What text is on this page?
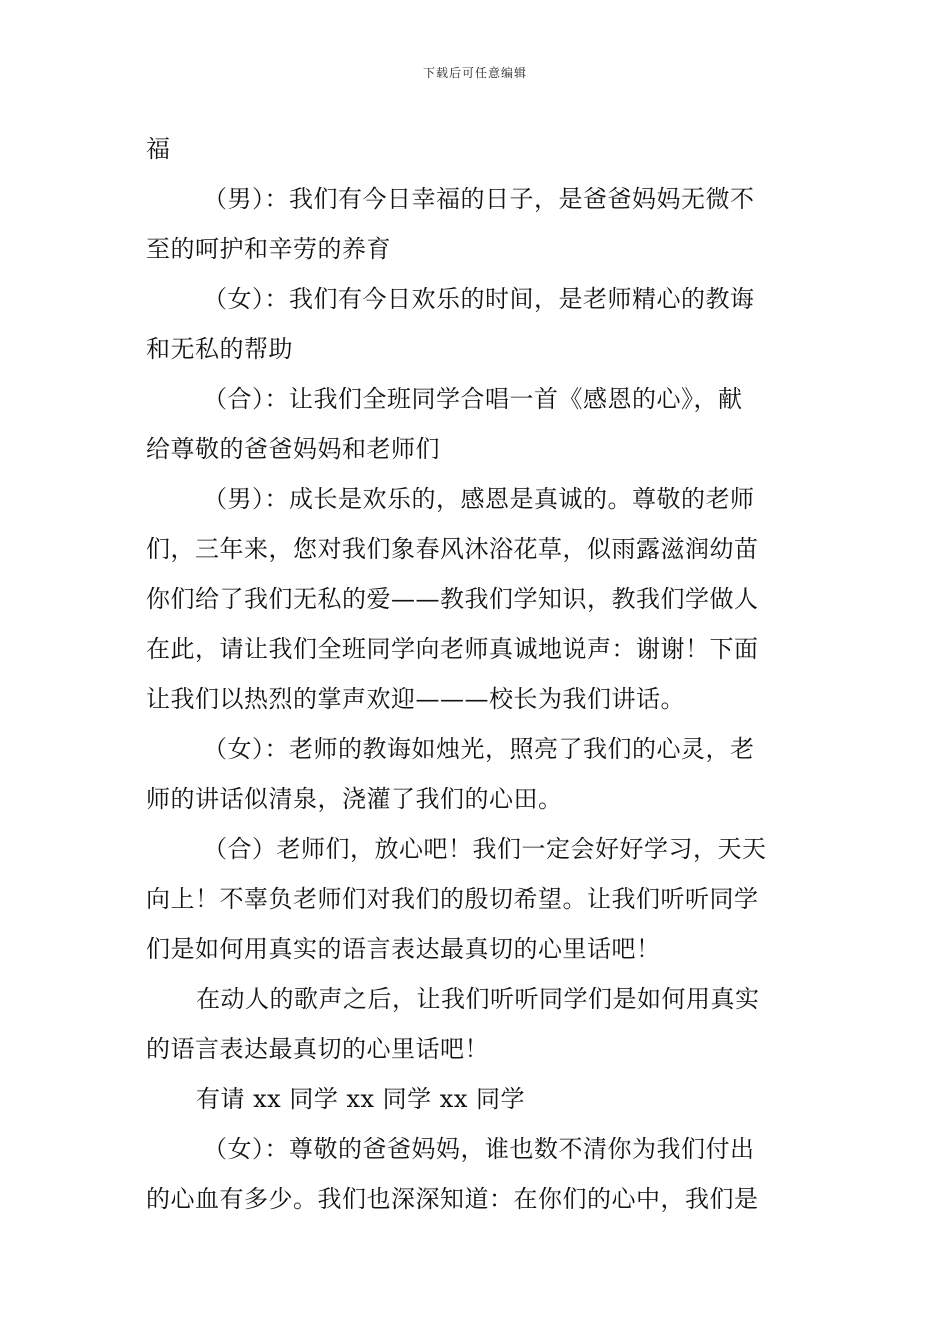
下载后可任意编辑
福
（男）：我们有今日幸福的日子，是爸爸妈妈无微不
至的呵护和辛劳的养育
（女）：我们有今日欢乐的时间，是老师精心的教诲
和无私的帮助
（合）：让我们全班同学合唱一首《感恩的心》，献
给尊敬的爸爸妈妈和老师们
（男）：成长是欢乐的，感恩是真诚的。尊敬的老师
们，三年来，您对我们象春风沐浴花草，似雨露滋润幼苗
你们给了我们无私的爱——教我们学知识，教我们学做人
在此，请让我们全班同学向老师真诚地说声：谢谢！下面
让我们以热烈的掌声欢迎———校长为我们讲话。
（女）：老师的教诲如烛光，照亮了我们的心灵，老
师的讲话似清泉，浇灌了我们的心田。
（合）老师们，放心吧！我们一定会好好学习，天天
向上！不辜负老师们对我们的殷切希望。让我们听听同学
们是如何用真实的语言表达最真切的心里话吧！
在动人的歌声之后，让我们听听同学们是如何用真实
的语言表达最真切的心里话吧！
有请 xx 同学 xx 同学 xx 同学
（女）：尊敬的爸爸妈妈，谁也数不清你为我们付出
的心血有多少。我们也深深知道：在你们的心中，我们是
